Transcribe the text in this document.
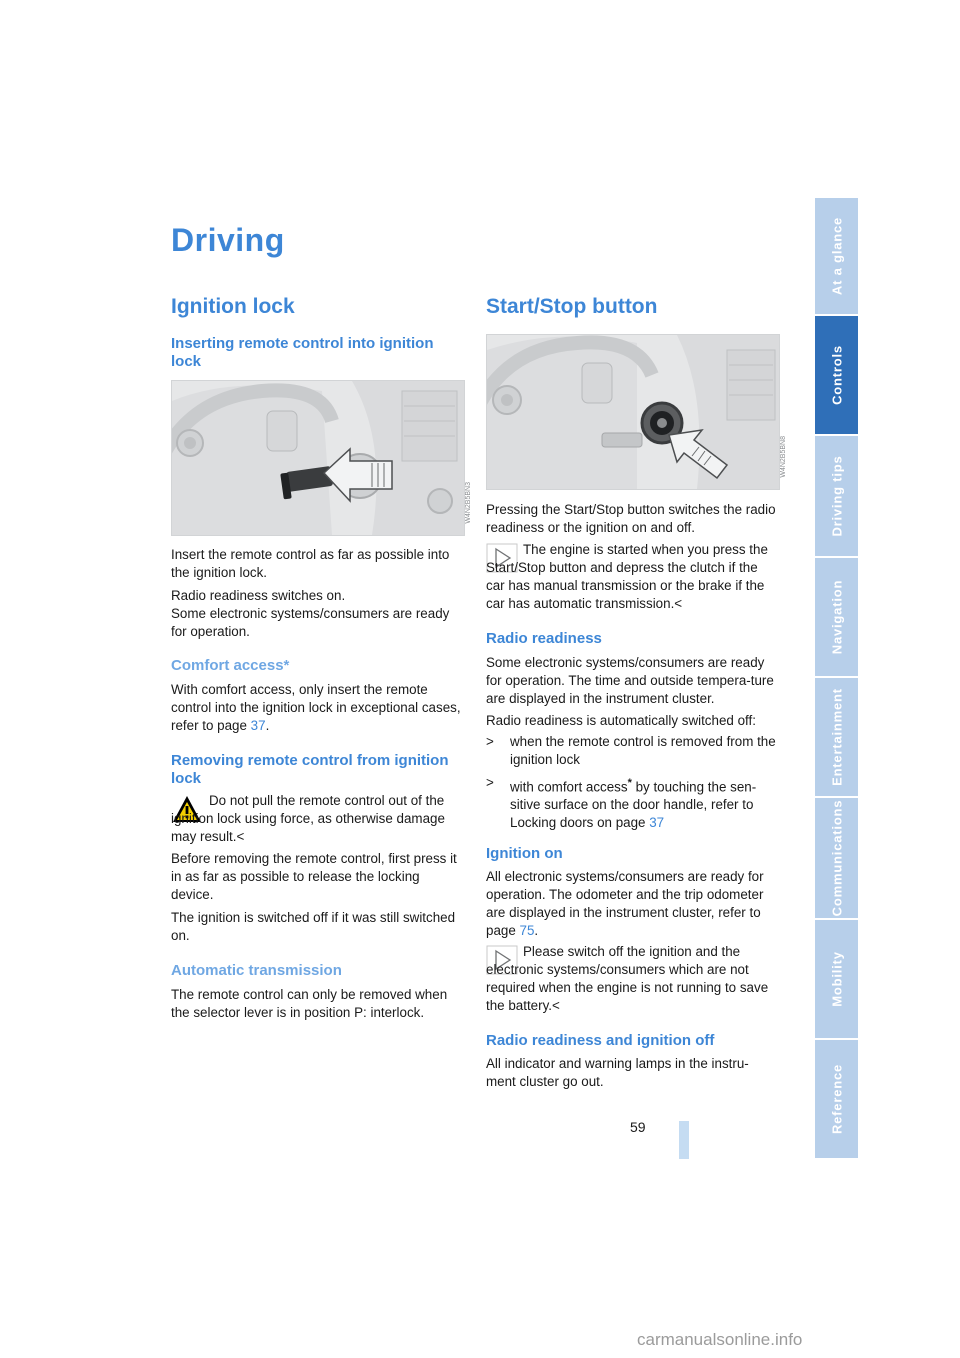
Driving
Ignition lock
Inserting remote control into ignition lock
W4N2B5BN3

Insert the remote control as far as possible into the ignition lock.

Radio readiness switches on.

Some electronic systems/consumers are ready for operation.

Comfort access*

With comfort access, only insert the remote control into the ignition lock in exceptional cases, refer to page 37.

Removing remote control from ignition lock

Do not pull the remote control out of the ignition lock using force, as otherwise damage may result.<

Before removing the remote control, first press it in as far as possible to release the locking device.

The ignition is switched off if it was still switched on.

Automatic transmission

The remote control can only be removed when the selector lever is in position P: interlock.

Start/Stop button
W4N2B5BN8

Pressing the Start/Stop button switches the radio readiness or the ignition on and off.

The engine is started when you press the Start/Stop button and depress the clutch if the car has manual transmission or the brake if the car has automatic transmission.<

Radio readiness

Some electronic systems/consumers are ready for operation. The time and outside tempera-ture are displayed in the instrument cluster.

Radio readiness is automatically switched off:

> when the remote control is removed from the ignition lock
> with comfort access* by touching the sen-sitive surface on the door handle, refer to Locking doors on page 37
Ignition on

All electronic systems/consumers are ready for operation. The odometer and the trip odometer are displayed in the instrument cluster, refer to page 75.

Please switch off the ignition and the electronic systems/consumers which are not required when the engine is not running to save the battery.<

Radio readiness and ignition off

All indicator and warning lamps in the instru-ment cluster go out.

59
At a glance
Controls
Driving tips
Navigation
Entertainment
Communications
Mobility
Reference
carmanualsonline.info
